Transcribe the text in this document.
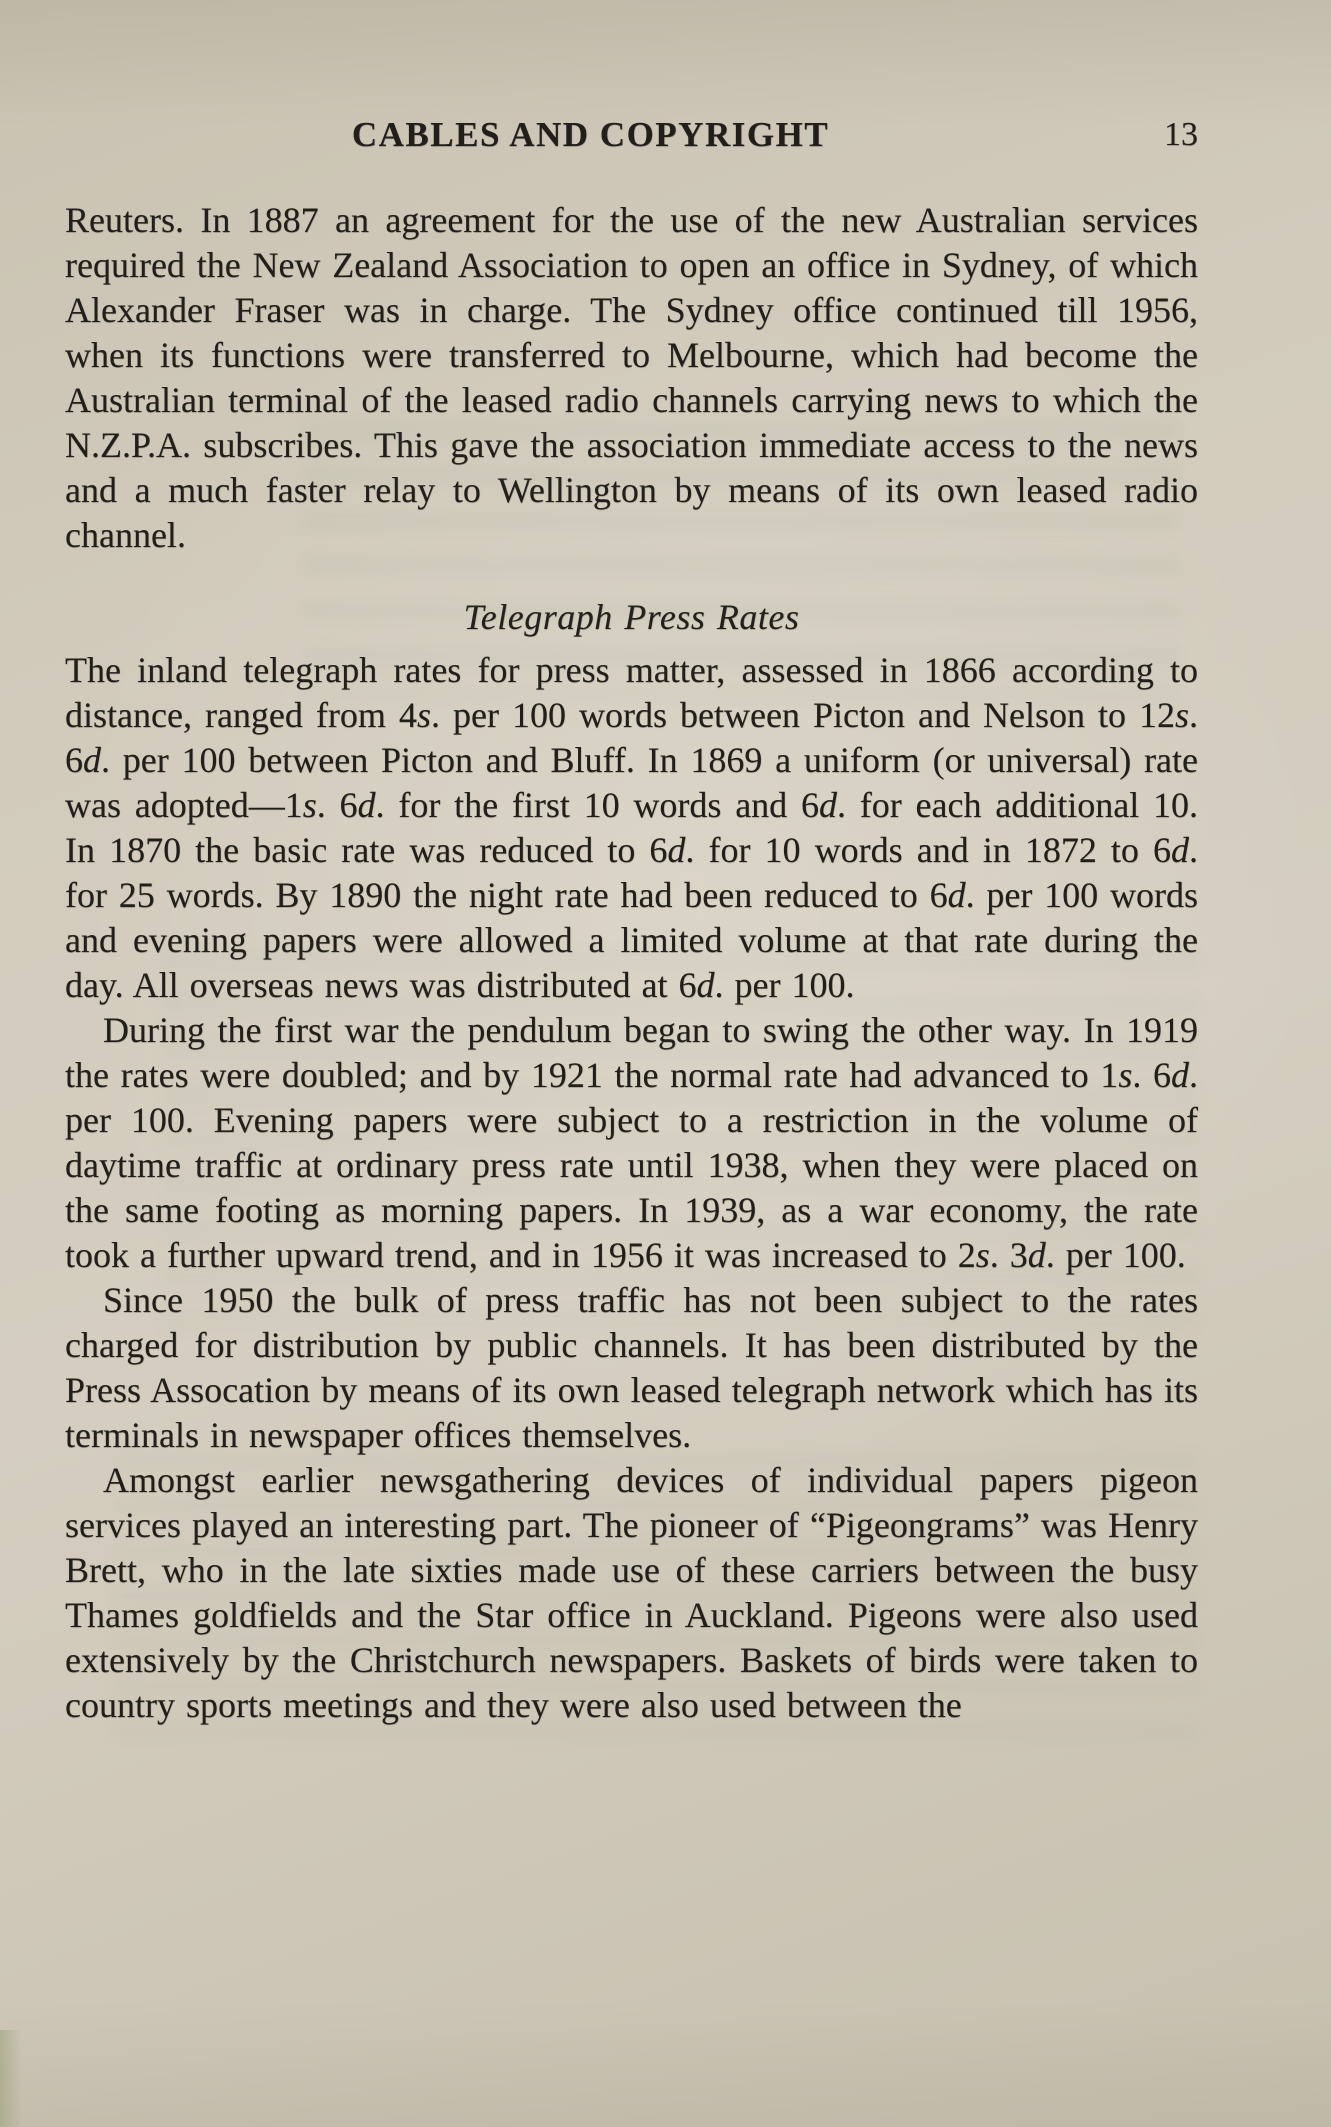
CABLES AND COPYRIGHT	13

Reuters. In 1887 an agreement for the use of the new Australian services required the New Zealand Association to open an office in Sydney, of which Alexander Fraser was in charge. The Sydney office continued till 1956, when its functions were transferred to Melbourne, which had become the Australian terminal of the leased radio channels carrying news to which the N.Z.P.A. subscribes. This gave the association immediate access to the news and a much faster relay to Wellington by means of its own leased radio channel.

Telegraph Press Rates

The inland telegraph rates for press matter, assessed in 1866 according to distance, ranged from 4s. per 100 words between Picton and Nelson to 12s. 6d. per 100 between Picton and Bluff. In 1869 a uniform (or universal) rate was adopted—1s. 6d. for the first 10 words and 6d. for each additional 10. In 1870 the basic rate was reduced to 6d. for 10 words and in 1872 to 6d. for 25 words. By 1890 the night rate had been reduced to 6d. per 100 words and evening papers were allowed a limited volume at that rate during the day. All overseas news was distributed at 6d. per 100.

During the first war the pendulum began to swing the other way. In 1919 the rates were doubled; and by 1921 the normal rate had advanced to 1s. 6d. per 100. Evening papers were subject to a restriction in the volume of daytime traffic at ordinary press rate until 1938, when they were placed on the same footing as morning papers. In 1939, as a war economy, the rate took a further upward trend, and in 1956 it was increased to 2s. 3d. per 100.

Since 1950 the bulk of press traffic has not been subject to the rates charged for distribution by public channels. It has been distributed by the Press Assocation by means of its own leased telegraph network which has its terminals in newspaper offices themselves.

Amongst earlier newsgathering devices of individual papers pigeon services played an interesting part. The pioneer of “Pigeongrams” was Henry Brett, who in the late sixties made use of these carriers between the busy Thames goldfields and the Star office in Auckland. Pigeons were also used extensively by the Christchurch newspapers. Baskets of birds were taken to country sports meetings and they were also used between the
